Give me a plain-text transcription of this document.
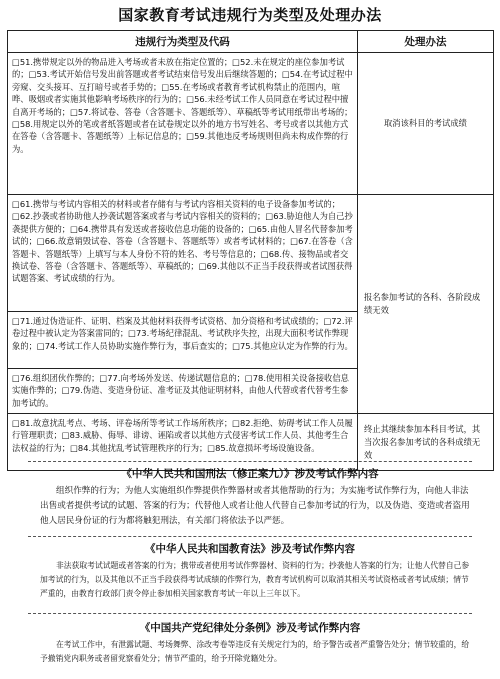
国家教育考试违规行为类型及处理办法
违规行为类型及代码	处理办法
□51.携带规定以外的物品进入考场或者未放在指定位置的；□52.未在规定的座位参加考试的；□53.考试开始信号发出前答题或者考试结束信号发出后继续答题的；□54.在考试过程中旁窥、交头接耳、互打暗号或者手势的；□55.在考场或者教育考试机构禁止的范围内，喧哗、吸烟或者实施其他影响考场秩序的行为的；□56.未经考试工作人员同意在考试过程中擅自离开考场的；□57.将试卷、答卷（含答题卡、答题纸等）、草稿纸等考试用纸带出考场的；□58.用规定以外的笔或者纸答题或者在试卷规定以外的地方书写姓名、考号或者以其他方式在答卷（含答题卡、答题纸等）上标记信息的；□59.其他违反考场规则但尚未构成作弊的行为。	取消该科目的考试成绩
□61.携带与考试内容相关的材料或者存储有与考试内容相关资料的电子设备参加考试的；□62.抄袭或者协助他人抄袭试题答案或者与考试内容相关的资料的；□63.胁迫他人为自己抄袭提供方便的；□64.携带具有发送或者接收信息功能的设备的；□65.由他人冒名代替参加考试的；□66.故意销毁试卷、答卷（含答题卡、答题纸等）或者考试材料的；□67.在答卷（含答题卡、答题纸等）上填写与本人身份不符的姓名、考号等信息的；□68.传、接物品或者交换试卷、答卷（含答题卡、答题纸等）、草稿纸的；□69.其他以不正当手段获得或者试图获得试题答案、考试成绩的行为。	报名参加考试的各科、各阶段成绩无效
□71.通过伪造证件、证明、档案及其他材料获得考试资格、加分资格和考试成绩的；□72.评卷过程中被认定为答案雷同的；□73.考场纪律混乱、考试秩序失控，出现大面积考试作弊现象的；□74.考试工作人员协助实施作弊行为，事后查实的；□75.其他应认定为作弊的行为。	
□76.组织团伙作弊的；□77.向考场外发送、传递试题信息的；□78.使用相关设备接收信息实施作弊的；□79.伪造、变造身份证、准考证及其他证明材料，由他人代替或者代替考生参加考试的。	
□81.故意扰乱考点、考场、评卷场所等考试工作场所秩序；□82.拒绝、妨碍考试工作人员履行管理职责；□83.威胁、侮辱、诽谤、诬陷或者以其他方式侵害考试工作人员、其他考生合法权益的行为；□84.其他扰乱考试管理秩序的行为；□85.故意损坏考场设施设备。	终止其继续参加本科目考试，其当次报名参加考试的各科成绩无效
《中华人民共和国刑法（修正案九）》涉及考试作弊内容
组织作弊的行为；为他人实施组织作弊提供作弊器材或者其他帮助的行为；为实施考试作弊行为，向他人非法出售或者提供考试的试题、答案的行为；代替他人或者让他人代替自己参加考试的行为，以及伪造、变造或者盗用他人居民身份证的行为都将触犯刑法，有关部门将依法予以严惩。
《中华人民共和国教育法》涉及考试作弊内容
非法获取考试试题或者答案的行为；携带或者使用考试作弊器材、资料的行为；抄袭他人答案的行为；让他人代替自己参加考试的行为，以及其他以不正当手段获得考试成绩的作弊行为，教育考试机构可以取消其相关考试资格或者考试成绩；情节严重的，由教育行政部门责令停止参加相关国家教育考试一年以上三年以下。
《中国共产党纪律处分条例》涉及考试作弊内容
在考试工作中，有泄露试题、考场舞弊、涂改考卷等违反有关规定行为的，给予警告或者严重警告处分；情节较重的，给予撤销党内职务或者留党察看处分；情节严重的，给予开除党籍处分。
